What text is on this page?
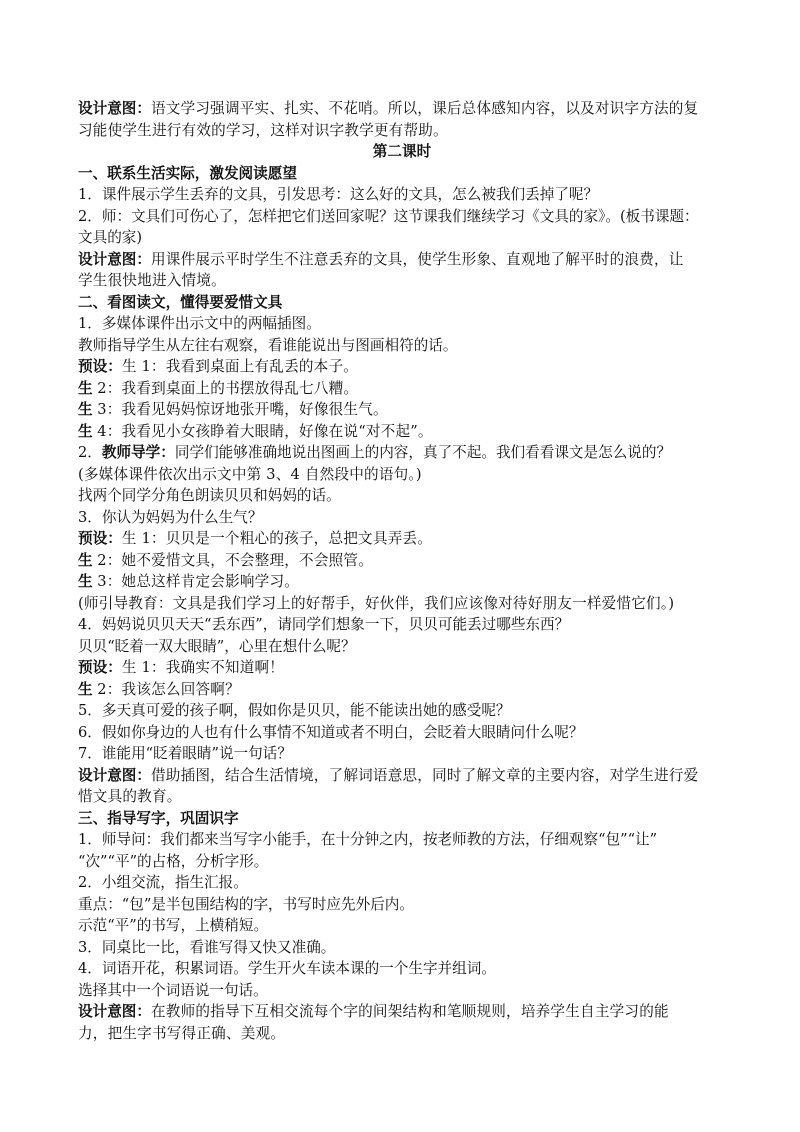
设计意图：语文学习强调平实、扎实、不花哨。所以，课后总体感知内容，以及对识字方法的复
习能使学生进行有效的学习，这样对识字教学更有帮助。
第二课时
一、联系生活实际，激发阅读愿望
1．课件展示学生丢弃的文具，引发思考：这么好的文具，怎么被我们丢掉了呢？
2．师：文具们可伤心了，怎样把它们送回家呢？这节课我们继续学习《文具的家》。(板书课题：
文具的家)
设计意图：用课件展示平时学生不注意丢弃的文具，使学生形象、直观地了解平时的浪费，让
学生很快地进入情境。
二、看图读文，懂得要爱惜文具
1．多媒体课件出示文中的两幅插图。
教师指导学生从左往右观察，看谁能说出与图画相符的话。
预设：生 1：我看到桌面上有乱丢的本子。
生 2：我看到桌面上的书摆放得乱七八糟。
生 3：我看见妈妈惊讶地张开嘴，好像很生气。
生 4：我看见小女孩睁着大眼睛，好像在说“对不起”。
2．教师导学：同学们能够准确地说出图画上的内容，真了不起。我们看看课文是怎么说的？
(多媒体课件依次出示文中第 3、4 自然段中的语句。)
找两个同学分角色朗读贝贝和妈妈的话。
3．你认为妈妈为什么生气？
预设：生 1：贝贝是一个粗心的孩子，总把文具弄丢。
生 2：她不爱惜文具，不会整理，不会照管。
生 3：她总这样肯定会影响学习。
(师引导教育：文具是我们学习上的好帮手，好伙伴，我们应该像对待好朋友一样爱惜它们。)
4．妈妈说贝贝天天“丢东西”，请同学们想象一下，贝贝可能丢过哪些东西？
贝贝“眨着一双大眼睛”，心里在想什么呢？
预设：生 1：我确实不知道啊！
生 2：我该怎么回答啊？
5．多天真可爱的孩子啊，假如你是贝贝，能不能读出她的感受呢？
6．假如你身边的人也有什么事情不知道或者不明白，会眨着大眼睛问什么呢？
7．谁能用“眨着眼睛”说一句话？
设计意图：借助插图，结合生活情境，了解词语意思，同时了解文章的主要内容，对学生进行爱
惜文具的教育。
三、指导写字，巩固识字
1．师导问：我们都来当写字小能手，在十分钟之内，按老师教的方法，仔细观察“包”“让”
“次”“平”的占格，分析字形。
2．小组交流，指生汇报。
重点：“包”是半包围结构的字，书写时应先外后内。
示范“平”的书写，上横稍短。
3．同桌比一比，看谁写得又快又准确。
4．词语开花，积累词语。学生开火车读本课的一个生字并组词。
选择其中一个词语说一句话。
设计意图：在教师的指导下互相交流每个字的间架结构和笔顺规则，培养学生自主学习的能
力，把生字书写得正确、美观。
